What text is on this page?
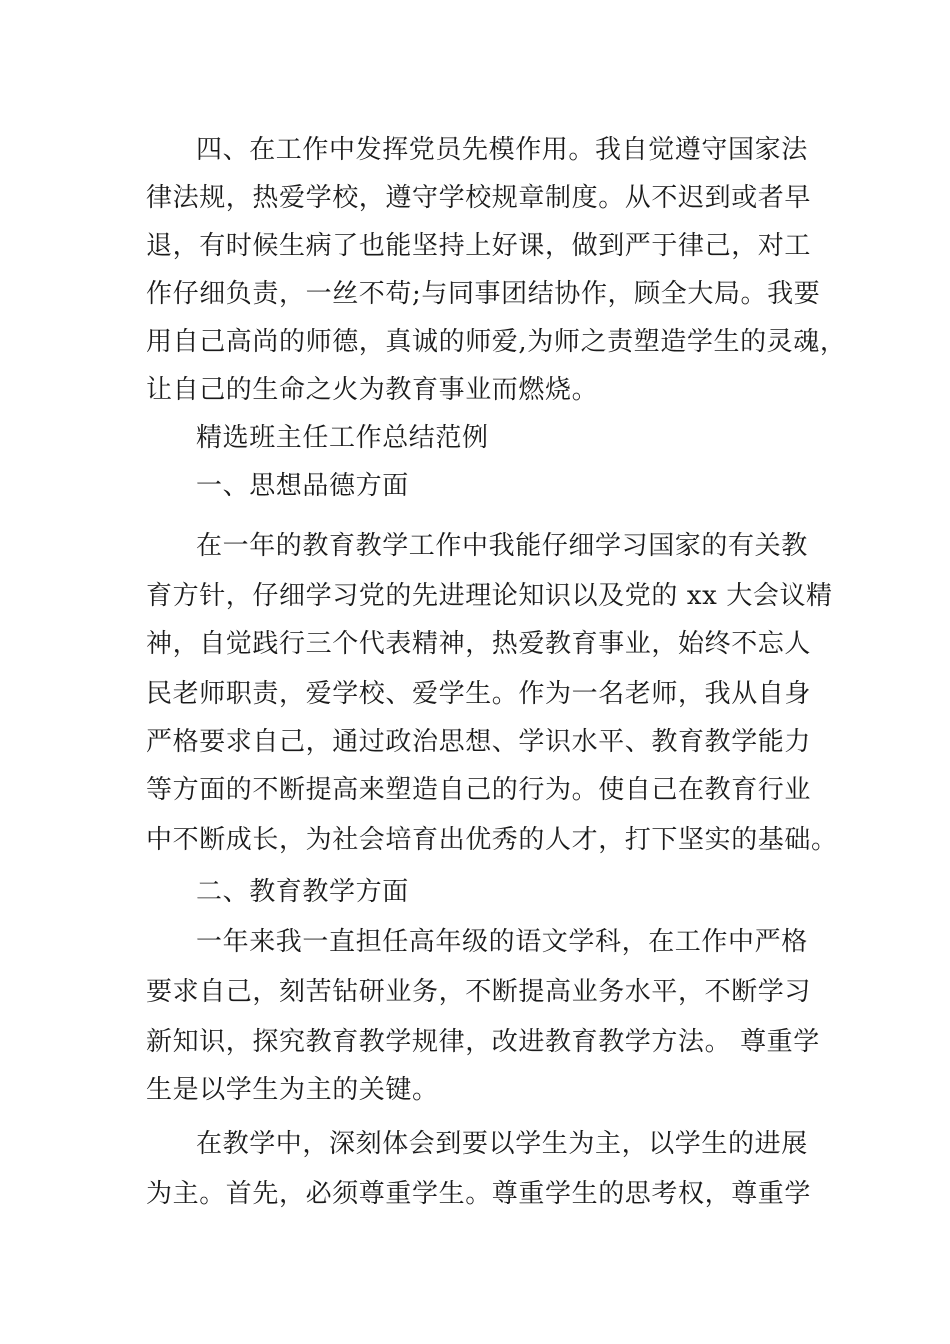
四、在工作中发挥党员先模作用。我自觉遵守国家法

律法规，热爱学校，遵守学校规章制度。从不迟到或者早

退，有时候生病了也能坚持上好课，做到严于律己，对工

作仔细负责，一丝不苟;与同事团结协作，顾全大局。我要

用自己高尚的师德，真诚的师爱,为师之责塑造学生的灵魂，

让自己的生命之火为教育事业而燃烧。

精选班主任工作总结范例

一、思想品德方面

在一年的教育教学工作中我能仔细学习国家的有关教

育方针，仔细学习党的先进理论知识以及党的 xx 大会议精

神，自觉践行三个代表精神，热爱教育事业，始终不忘人

民老师职责，爱学校、爱学生。作为一名老师，我从自身

严格要求自己，通过政治思想、学识水平、教育教学能力

等方面的不断提高来塑造自己的行为。使自己在教育行业

中不断成长，为社会培育出优秀的人才，打下坚实的基础。

二、教育教学方面

一年来我一直担任高年级的语文学科，在工作中严格

要求自己，刻苦钻研业务，不断提高业务水平，不断学习

新知识，探究教育教学规律，改进教育教学方法。 尊重学

生是以学生为主的关键。

在教学中，深刻体会到要以学生为主，以学生的进展

为主。首先，必须尊重学生。尊重学生的思考权，尊重学
